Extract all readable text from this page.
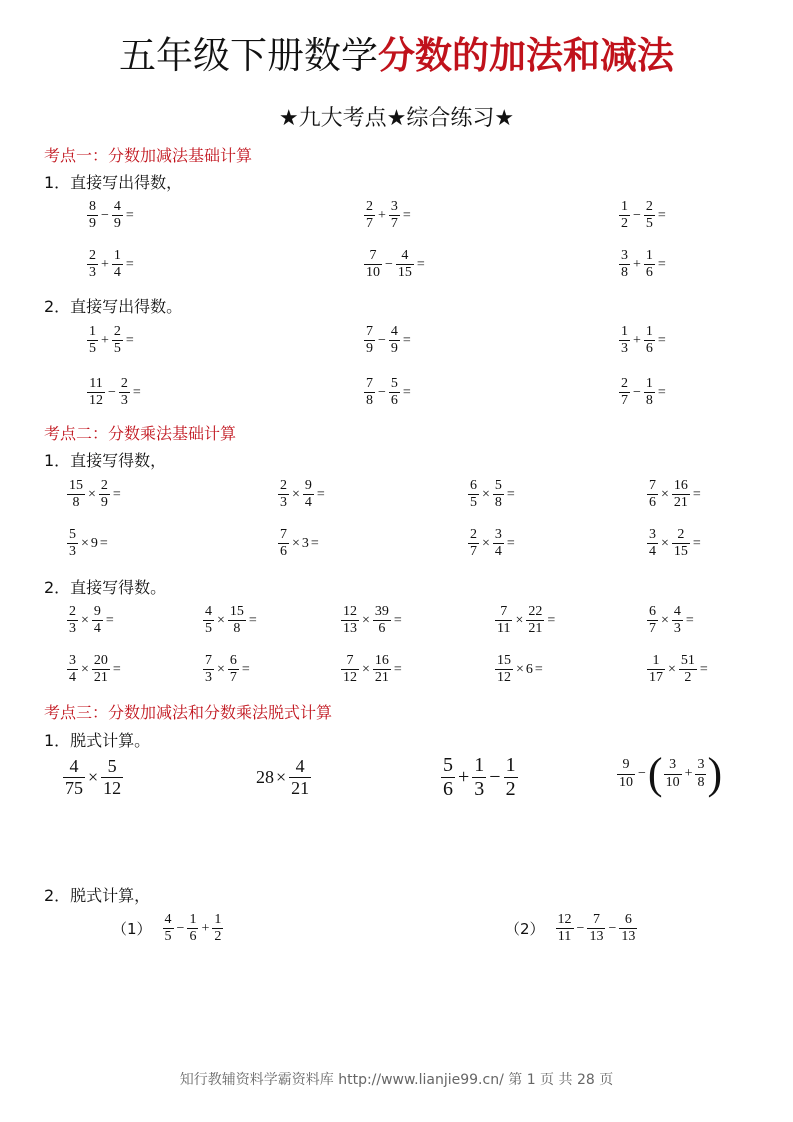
五年级下册数学分数的加法和减法
★九大考点★综合练习★
考点一：分数加减法基础计算
1．直接写出得数，
2．直接写出得数。
考点二：分数乘法基础计算
1．直接写得数，
2．直接写得数。
考点三：分数加减法和分数乘法脱式计算
1．脱式计算。
2．脱式计算，
$\frac{4}{75} \times \frac{5}{12}$	$28 \times \frac{4}{21}$	$\frac{5}{6} + \frac{1}{3} - \frac{1}{2}$	$\frac{9}{10}$ − ( $\frac{3}{10} + \frac{3}{8}$ )
$(1) \frac{4}{5} - \frac{1}{6} + \frac{1}{2}$	$(2) \frac{12}{11} - \frac{7}{13} - \frac{6}{13}$
$\frac{8}{9} - \frac{4}{9}$ =	$\frac{2}{7} + \frac{3}{7}$ =	$\frac{1}{2} - \frac{2}{5}$ =
$\frac{2}{3} + \frac{1}{4}$ =	$\frac{7}{10} - \frac{4}{15}$ =	$\frac{3}{8} + \frac{1}{6}$ =
$\frac{1}{5} + \frac{2}{5}$ =	$\frac{7}{9} - \frac{4}{9}$ =	$\frac{1}{3} + \frac{1}{6}$ =
$\frac{11}{12} - \frac{2}{3}$ =	$\frac{7}{8} - \frac{5}{6}$ =	$\frac{2}{7} - \frac{1}{8}$ =
$\frac{15}{8} \times \frac{2}{9}$ =	$\frac{2}{3} \times \frac{9}{4}$ =	$\frac{6}{5} \times \frac{5}{8}$ =	$\frac{7}{6} \times \frac{16}{21}$ =
$\frac{5}{3} \times 9$ =	$\frac{7}{6} \times 3$ =	$\frac{2}{7} \times \frac{3}{4}$ =	$\frac{3}{4} \times \frac{2}{15}$ =
$\frac{2}{3} \times \frac{9}{4}$ =	$\frac{4}{5} \times \frac{15}{8}$ =	$\frac{12}{13} \times \frac{39}{6}$ =	$\frac{7}{11} \times \frac{22}{21}$ =	$\frac{6}{7} \times \frac{4}{3}$ =
$\frac{3}{4} \times \frac{20}{21}$ =	$\frac{7}{3} \times \frac{6}{7}$ =	$\frac{7}{12} \times \frac{16}{21}$ =	$\frac{15}{12} \times 6$ =	$\frac{1}{17} \times \frac{51}{2}$ =
知行教辅资料学霸资料库 http://www.lianjie99.cn/ 第 1 页 共 28 页
